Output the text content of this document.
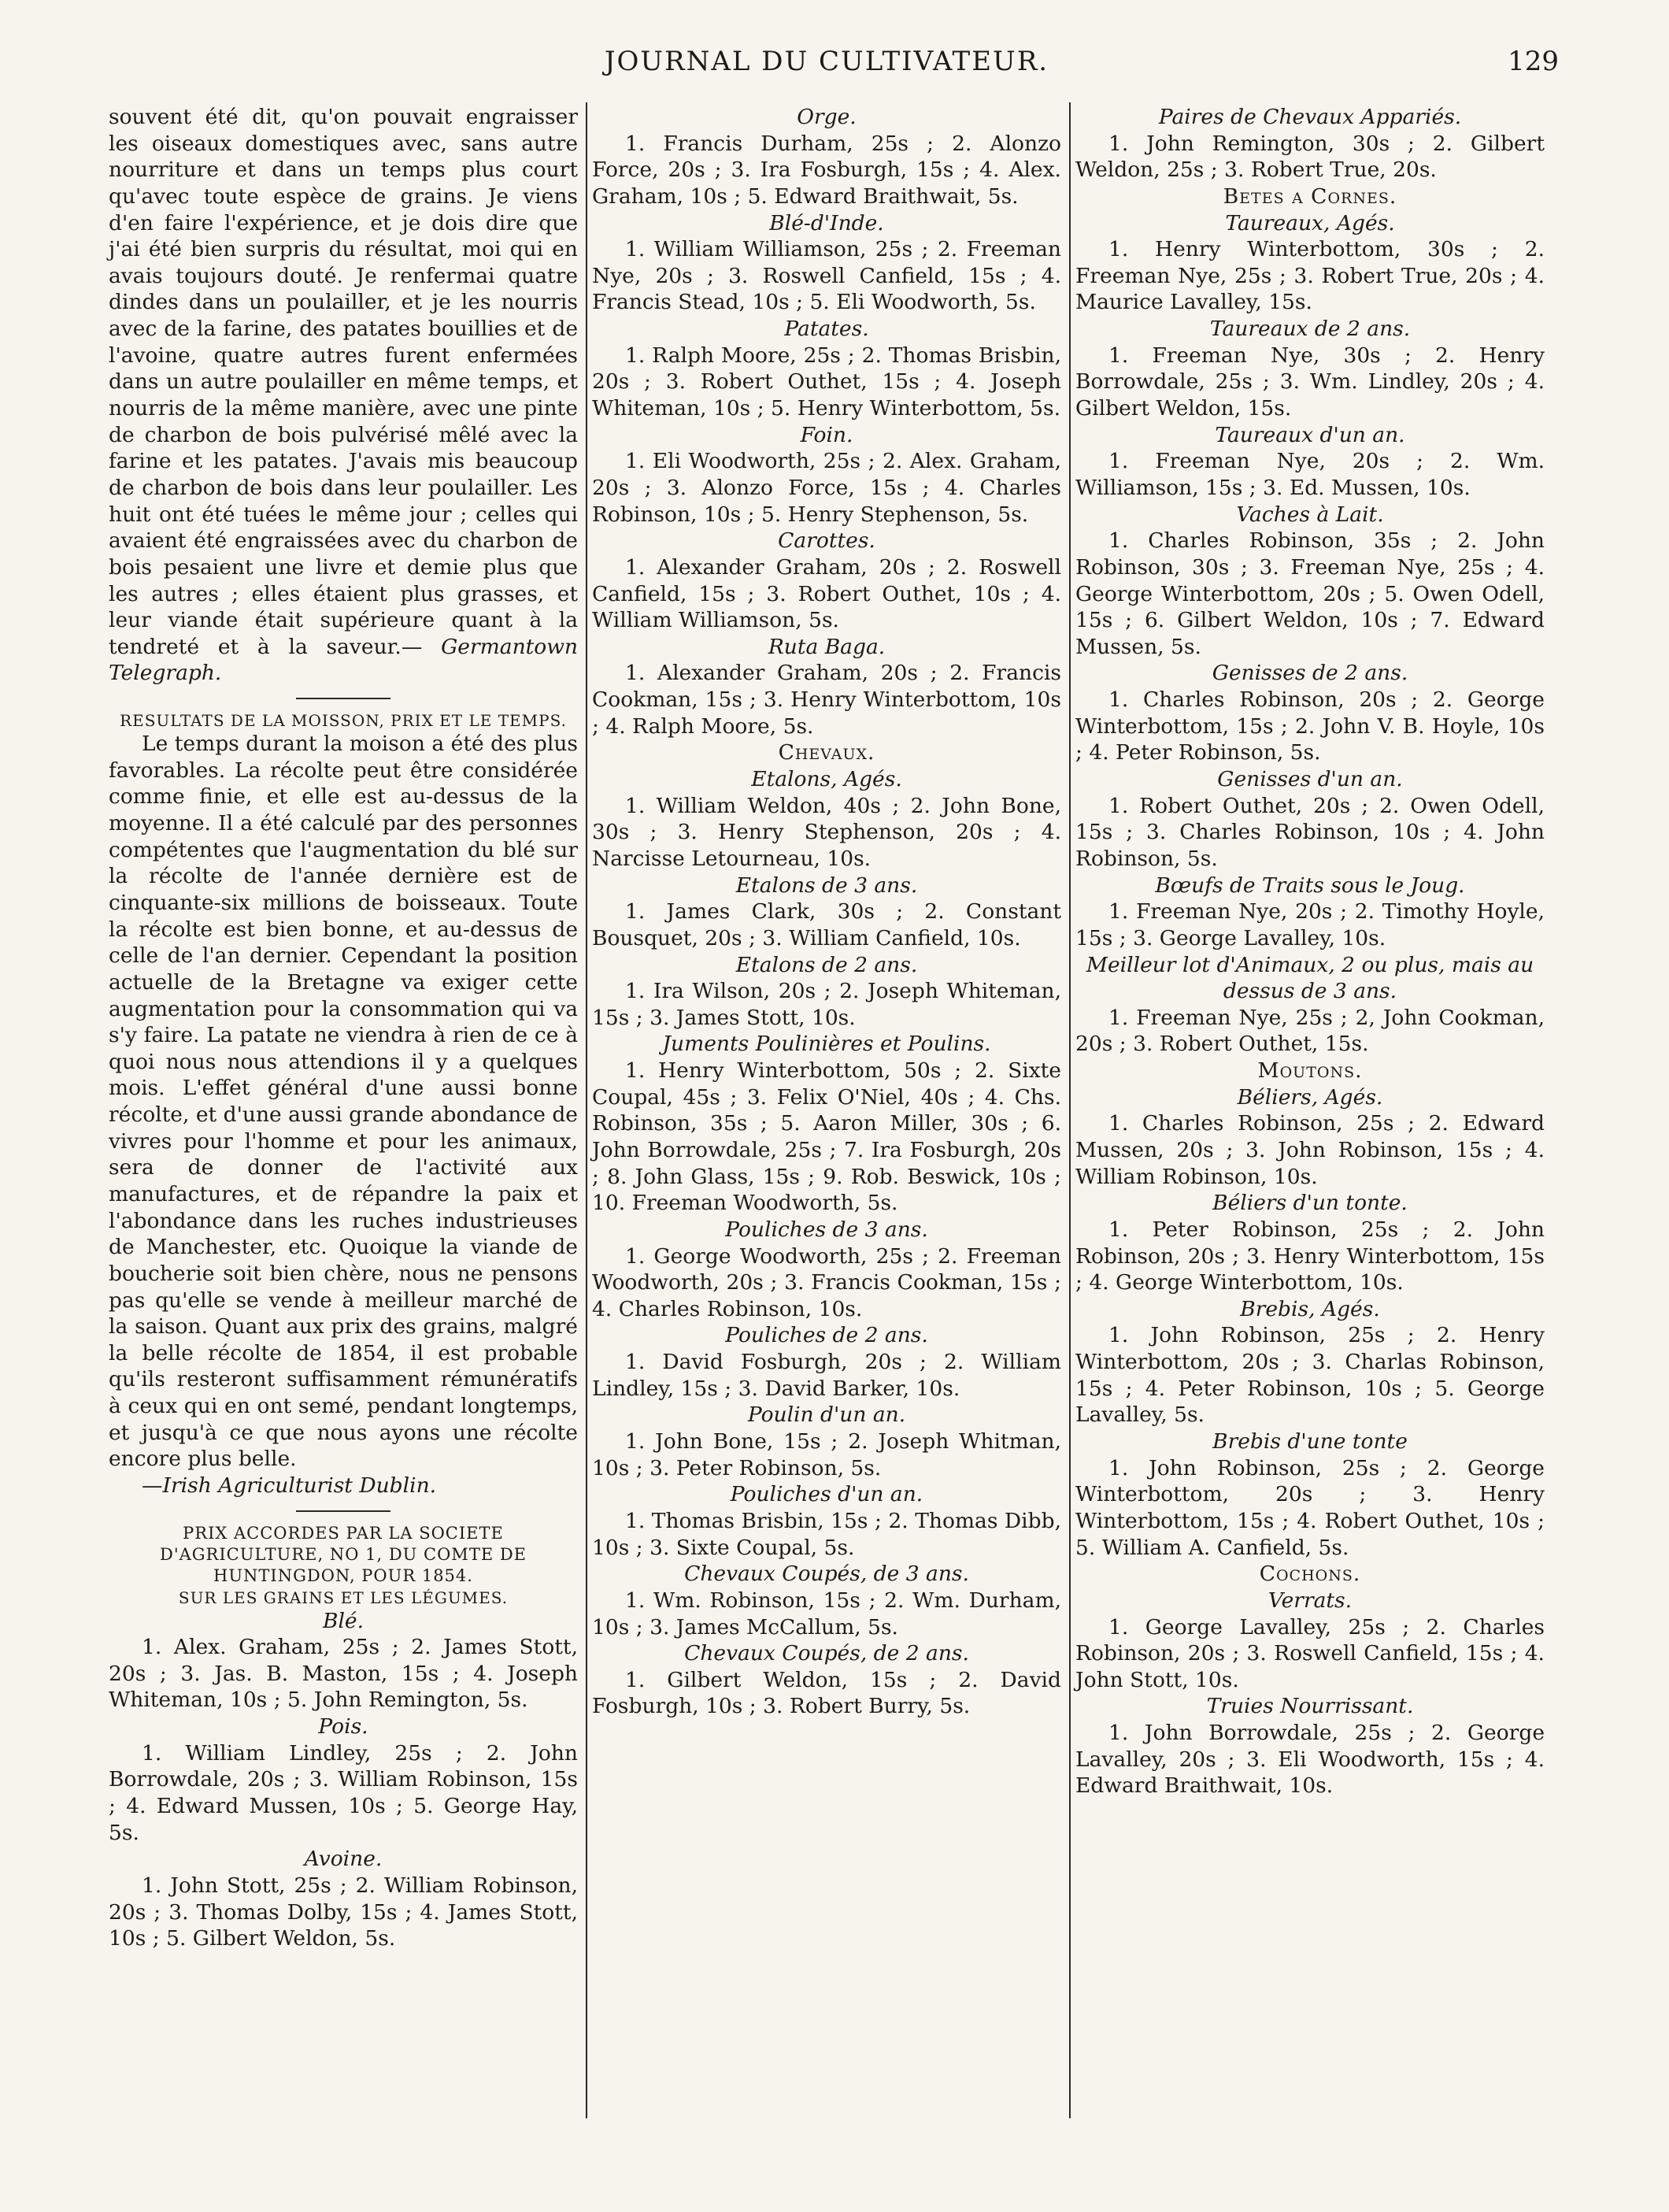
JOURNAL DU CULTIVATEUR.	129

souvent été dit, qu'on pouvait engraisser les oiseaux domestiques avec, sans autre nourriture et dans un temps plus court qu'avec toute espèce de grains. Je viens d'en faire l'expérience, et je dois dire que j'ai été bien surpris du résultat, moi qui en avais toujours douté. Je renfermai quatre dindes dans un poulailler, et je les nourris avec de la farine, des patates bouillies et de l'avoine, quatre autres furent enfermées dans un autre poulailler en même temps, et nourris de la même manière, avec une pinte de charbon de bois pulvérisé mêlé avec la farine et les patates. J'avais mis beaucoup de charbon de bois dans leur poulailler. Les huit ont été tuées le même jour ; celles qui avaient été engraissées avec du charbon de bois pesaient une livre et demie plus que les autres ; elles étaient plus grasses, et leur viande était supérieure quant à la tendreté et à la saveur.— Germantown Telegraph.

RESULTATS DE LA MOISSON, PRIX ET LE TEMPS.

Le temps durant la moison a été des plus favorables. La récolte peut être considérée comme finie, et elle est au-dessus de la moyenne. Il a été calculé par des personnes compétentes que l'augmentation du blé sur la récolte de l'année dernière est de cinquante-six millions de boisseaux. Toute la récolte est bien bonne, et au-dessus de celle de l'an dernier. Cependant la position actuelle de la Bretagne va exiger cette augmentation pour la consommation qui va s'y faire. La patate ne viendra à rien de ce à quoi nous nous attendions il y a quelques mois. L'effet général d'une aussi bonne récolte, et d'une aussi grande abondance de vivres pour l'homme et pour les animaux, sera de donner de l'activité aux manufactures, et de répandre la paix et l'abondance dans les ruches industrieuses de Manchester, etc. Quoique la viande de boucherie soit bien chère, nous ne pensons pas qu'elle se vende à meilleur marché de la saison. Quant aux prix des grains, malgré la belle récolte de 1854, il est probable qu'ils resteront suffisamment rémunératifs à ceux qui en ont semé, pendant longtemps, et jusqu'à ce que nous ayons une récolte encore plus belle.

—Irish Agriculturist Dublin.

PRIX ACCORDES PAR LA SOCIETE D'AGRICULTURE, NO 1, DU COMTE DE HUNTINGDON, POUR 1854.

SUR LES GRAINS ET LES LÉGUMES.

Blé.

1. Alex. Graham, 25s ; 2. James Stott, 20s ; 3. Jas. B. Maston, 15s ; 4. Joseph Whiteman, 10s ; 5. John Remington, 5s.

Pois.

1. William Lindley, 25s ; 2. John Borrowdale, 20s ; 3. William Robinson, 15s ; 4. Edward Mussen, 10s ; 5. George Hay, 5s.

Avoine.

1. John Stott, 25s ; 2. William Robinson, 20s ; 3. Thomas Dolby, 15s ; 4. James Stott, 10s ; 5. Gilbert Weldon, 5s.

Orge.

1. Francis Durham, 25s ; 2. Alonzo Force, 20s ; 3. Ira Fosburgh, 15s ; 4. Alex. Graham, 10s ; 5. Edward Braithwait, 5s.

Blé-d'Inde.

1. William Williamson, 25s ; 2. Freeman Nye, 20s ; 3. Roswell Canfield, 15s ; 4. Francis Stead, 10s ; 5. Eli Woodworth, 5s.

Patates.

1. Ralph Moore, 25s ; 2. Thomas Brisbin, 20s ; 3. Robert Outhet, 15s ; 4. Joseph Whiteman, 10s ; 5. Henry Winterbottom, 5s.

Foin.

1. Eli Woodworth, 25s ; 2. Alex. Graham, 20s ; 3. Alonzo Force, 15s ; 4. Charles Robinson, 10s ; 5. Henry Stephenson, 5s.

Carottes.

1. Alexander Graham, 20s ; 2. Roswell Canfield, 15s ; 3. Robert Outhet, 10s ; 4. William Williamson, 5s.

Ruta Baga.

1. Alexander Graham, 20s ; 2. Francis Cookman, 15s ; 3. Henry Winterbottom, 10s ; 4. Ralph Moore, 5s.

Chevaux.

Etalons, Agés.

1. William Weldon, 40s ; 2. John Bone, 30s ; 3. Henry Stephenson, 20s ; 4. Narcisse Letourneau, 10s.

Etalons de 3 ans.

1. James Clark, 30s ; 2. Constant Bousquet, 20s ; 3. William Canfield, 10s.

Etalons de 2 ans.

1. Ira Wilson, 20s ; 2. Joseph Whiteman, 15s ; 3. James Stott, 10s.

Juments Poulinières et Poulins.

1. Henry Winterbottom, 50s ; 2. Sixte Coupal, 45s ; 3. Felix O'Niel, 40s ; 4. Chs. Robinson, 35s ; 5. Aaron Miller, 30s ; 6. John Borrowdale, 25s ; 7. Ira Fosburgh, 20s ; 8. John Glass, 15s ; 9. Rob. Beswick, 10s ; 10. Freeman Woodworth, 5s.

Pouliches de 3 ans.

1. George Woodworth, 25s ; 2. Freeman Woodworth, 20s ; 3. Francis Cookman, 15s ; 4. Charles Robinson, 10s.

Pouliches de 2 ans.

1. David Fosburgh, 20s ; 2. William Lindley, 15s ; 3. David Barker, 10s.

Poulin d'un an.

1. John Bone, 15s ; 2. Joseph Whitman, 10s ; 3. Peter Robinson, 5s.

Pouliches d'un an.

1. Thomas Brisbin, 15s ; 2. Thomas Dibb, 10s ; 3. Sixte Coupal, 5s.

Chevaux Coupés, de 3 ans.

1. Wm. Robinson, 15s ; 2. Wm. Durham, 10s ; 3. James McCallum, 5s.

Chevaux Coupés, de 2 ans.

1. Gilbert Weldon, 15s ; 2. David Fosburgh, 10s ; 3. Robert Burry, 5s.

Paires de Chevaux Appariés.

1. John Remington, 30s ; 2. Gilbert Weldon, 25s ; 3. Robert True, 20s.

Betes a Cornes.

Taureaux, Agés.

1. Henry Winterbottom, 30s ; 2. Freeman Nye, 25s ; 3. Robert True, 20s ; 4. Maurice Lavalley, 15s.

Taureaux de 2 ans.

1. Freeman Nye, 30s ; 2. Henry Borrowdale, 25s ; 3. Wm. Lindley, 20s ; 4. Gilbert Weldon, 15s.

Taureaux d'un an.

1. Freeman Nye, 20s ; 2. Wm. Williamson, 15s ; 3. Ed. Mussen, 10s.

Vaches à Lait.

1. Charles Robinson, 35s ; 2. John Robinson, 30s ; 3. Freeman Nye, 25s ; 4. George Winterbottom, 20s ; 5. Owen Odell, 15s ; 6. Gilbert Weldon, 10s ; 7. Edward Mussen, 5s.

Genisses de 2 ans.

1. Charles Robinson, 20s ; 2. George Winterbottom, 15s ; 2. John V. B. Hoyle, 10s ; 4. Peter Robinson, 5s.

Genisses d'un an.

1. Robert Outhet, 20s ; 2. Owen Odell, 15s ; 3. Charles Robinson, 10s ; 4. John Robinson, 5s.

Bœufs de Traits sous le Joug.

1. Freeman Nye, 20s ; 2. Timothy Hoyle, 15s ; 3. George Lavalley, 10s.

Meilleur lot d'Animaux, 2 ou plus, mais au dessus de 3 ans.

1. Freeman Nye, 25s ; 2, John Cookman, 20s ; 3. Robert Outhet, 15s.

Moutons.

Béliers, Agés.

1. Charles Robinson, 25s ; 2. Edward Mussen, 20s ; 3. John Robinson, 15s ; 4. William Robinson, 10s.

Béliers d'un tonte.

1. Peter Robinson, 25s ; 2. John Robinson, 20s ; 3. Henry Winterbottom, 15s ; 4. George Winterbottom, 10s.

Brebis, Agés.

1. John Robinson, 25s ; 2. Henry Winterbottom, 20s ; 3. Charlas Robinson, 15s ; 4. Peter Robinson, 10s ; 5. George Lavalley, 5s.

Brebis d'une tonte

1. John Robinson, 25s ; 2. George Winterbottom, 20s ; 3. Henry Winterbottom, 15s ; 4. Robert Outhet, 10s ; 5. William A. Canfield, 5s.

Cochons.

Verrats.

1. George Lavalley, 25s ; 2. Charles Robinson, 20s ; 3. Roswell Canfield, 15s ; 4. John Stott, 10s.

Truies Nourrissant.

1. John Borrowdale, 25s ; 2. George Lavalley, 20s ; 3. Eli Woodworth, 15s ; 4. Edward Braithwait, 10s.
